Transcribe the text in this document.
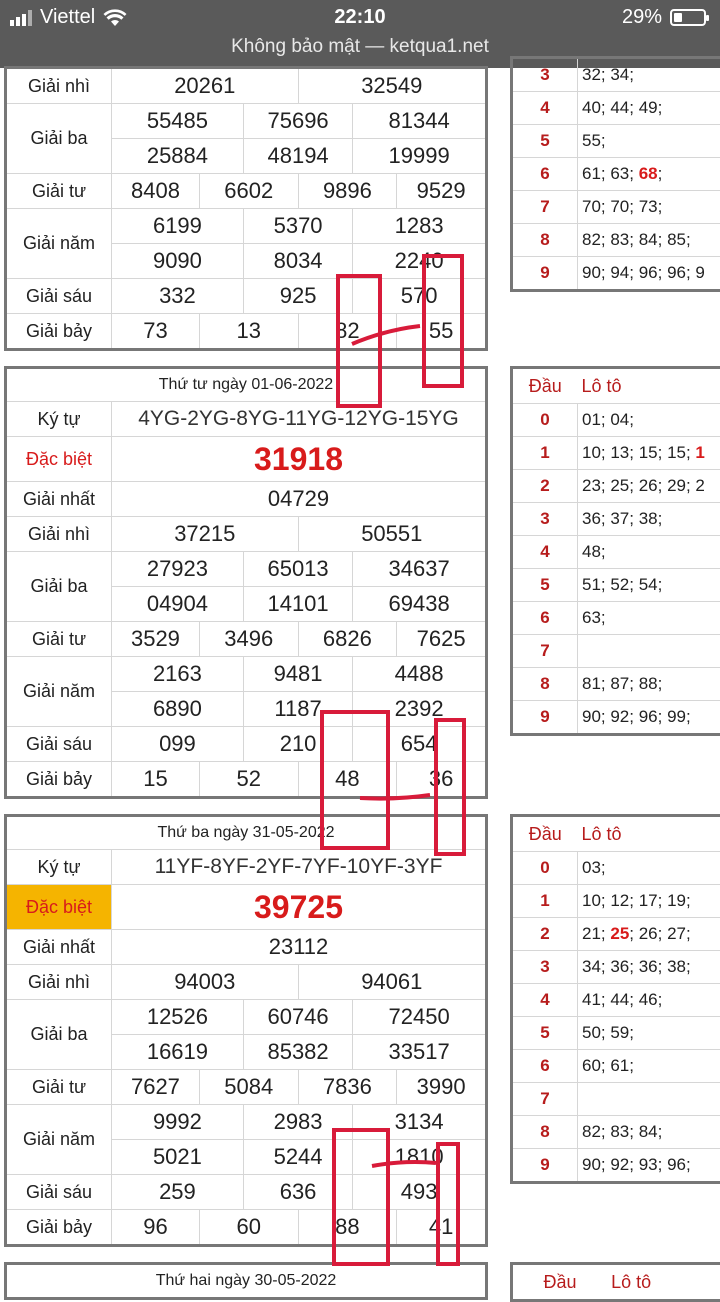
Viettel	22:10	29%
Không bảo mật — ketqua1.net
Giải nhì	20261			32549		
Giải ba	55485		75696		81344	
	25884		48194		19999	
Giải tư	8408	6602		9896		9529
Giải năm	6199		5370		1283	
	9090		8034		2240	
Giải sáu	332		925		570	
Giải bảy	73	13		82		55
3	32; 34;
4	40; 44; 49;
5	55;
6	61; 63; 68;
7	70; 70; 73;
8	82; 83; 84; 85;
9	90; 94; 96; 96; 9
Thứ tư ngày 01-06-2022						
Ký tự	4YG-2YG-8YG-11YG-12YG-15YG					
Đặc biệt	31918					
Giải nhất	04729					
Giải nhì	37215			50551		
Giải ba	27923		65013		34637	
	04904		14101		69438	
Giải tư	3529	3496		6826		7625
Giải năm	2163		9481		4488	
	6890		1187		2392	
Giải sáu	099		210		654	
Giải bảy	15	52		48		36
Đầu	Lô tô
0	01; 04;
1	10; 13; 15; 15; 1
2	23; 25; 26; 29; 2
3	36; 37; 38;
4	48;
5	51; 52; 54;
6	63;
7	
8	81; 87; 88;
9	90; 92; 96; 99;
Thứ ba ngày 31-05-2022						
Ký tự	11YF-8YF-2YF-7YF-10YF-3YF					
Đặc biệt	39725					
Giải nhất	23112					
Giải nhì	94003			94061		
Giải ba	12526		60746		72450	
	16619		85382		33517	
Giải tư	7627	5084		7836		3990
Giải năm	9992		2983		3134	
	5021		5244		1810	
Giải sáu	259		636		493	
Giải bảy	96	60		88		41
Đầu	Lô tô
0	03;
1	10; 12; 17; 19;
2	21; 25; 26; 27;
3	34; 36; 36; 38;
4	41; 44; 46;
5	50; 59;
6	60; 61;
7	
8	82; 83; 84;
9	90; 92; 93; 96;
Thứ hai ngày 30-05-2022	Đầu	Lô tô
